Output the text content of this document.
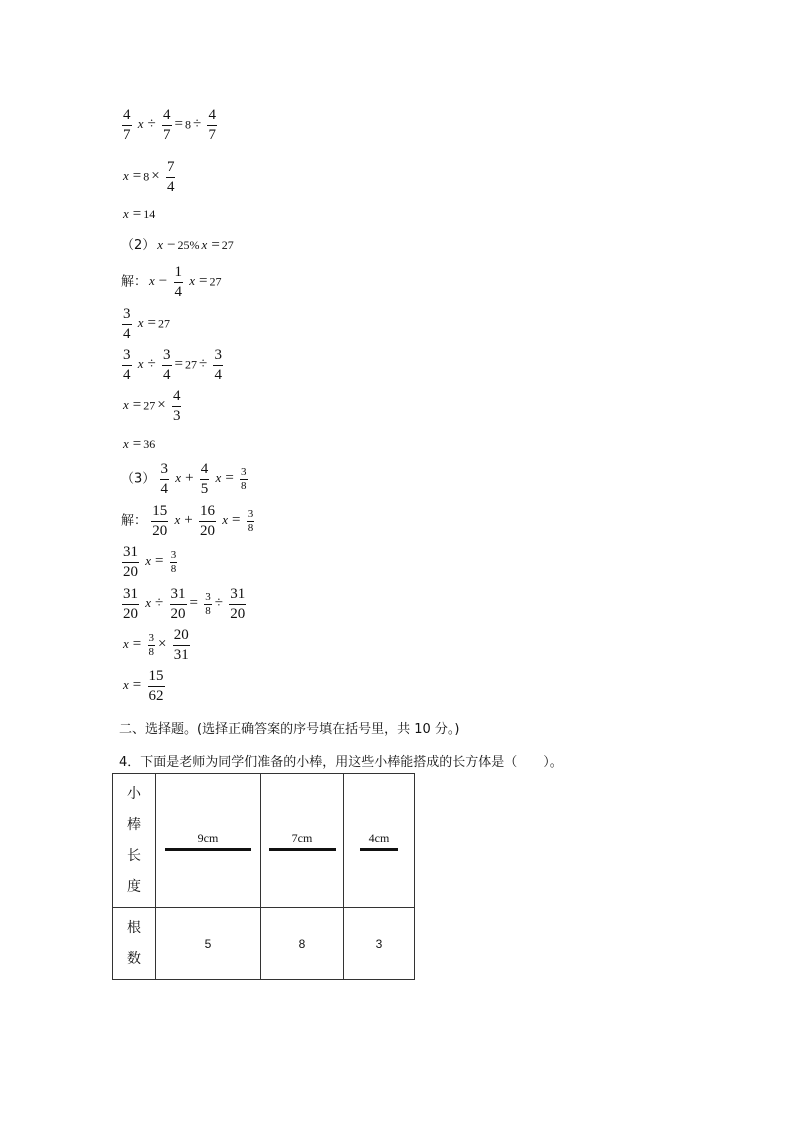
$\frac{4}{7}$ $x \div \frac{4}{7} = 8 \div \frac{4}{7}$
$x = 8 \times \frac{7}{4}$
x = 14
（2） x − 25% x = 27
解： $x - \frac{1}{4}$ x = 27
$\frac{3}{4}$ x = 27
$\frac{3}{4}$ $x \div \frac{3}{4} = 27 \div \frac{3}{4}$
$x = 27 \times \frac{4}{3}$
x = 36
$(3) \frac{3}{4}$ $x + \frac{4}{5}$ $x = \frac{3}{8}$
解： $\frac{15}{20}$ $x + \frac{16}{20}$ $x = \frac{3}{8}$
$\frac{31}{20}$ $x = \frac{3}{8}$
$\frac{31}{20}$ $x \div \frac{31}{20} = \frac{3}{8} \div \frac{31}{20}$
$x = \frac{3}{8} \times \frac{20}{31}$
$x = \frac{15}{62}$
二、选择题。(选择正确答案的序号填在括号里，共 10 分。)
4．下面是老师为同学们准备的小棒，用这些小棒能搭成的长方体是（　　）。
小
棒
长
度	9cm	7cm	4cm

根
数	5	8	3
